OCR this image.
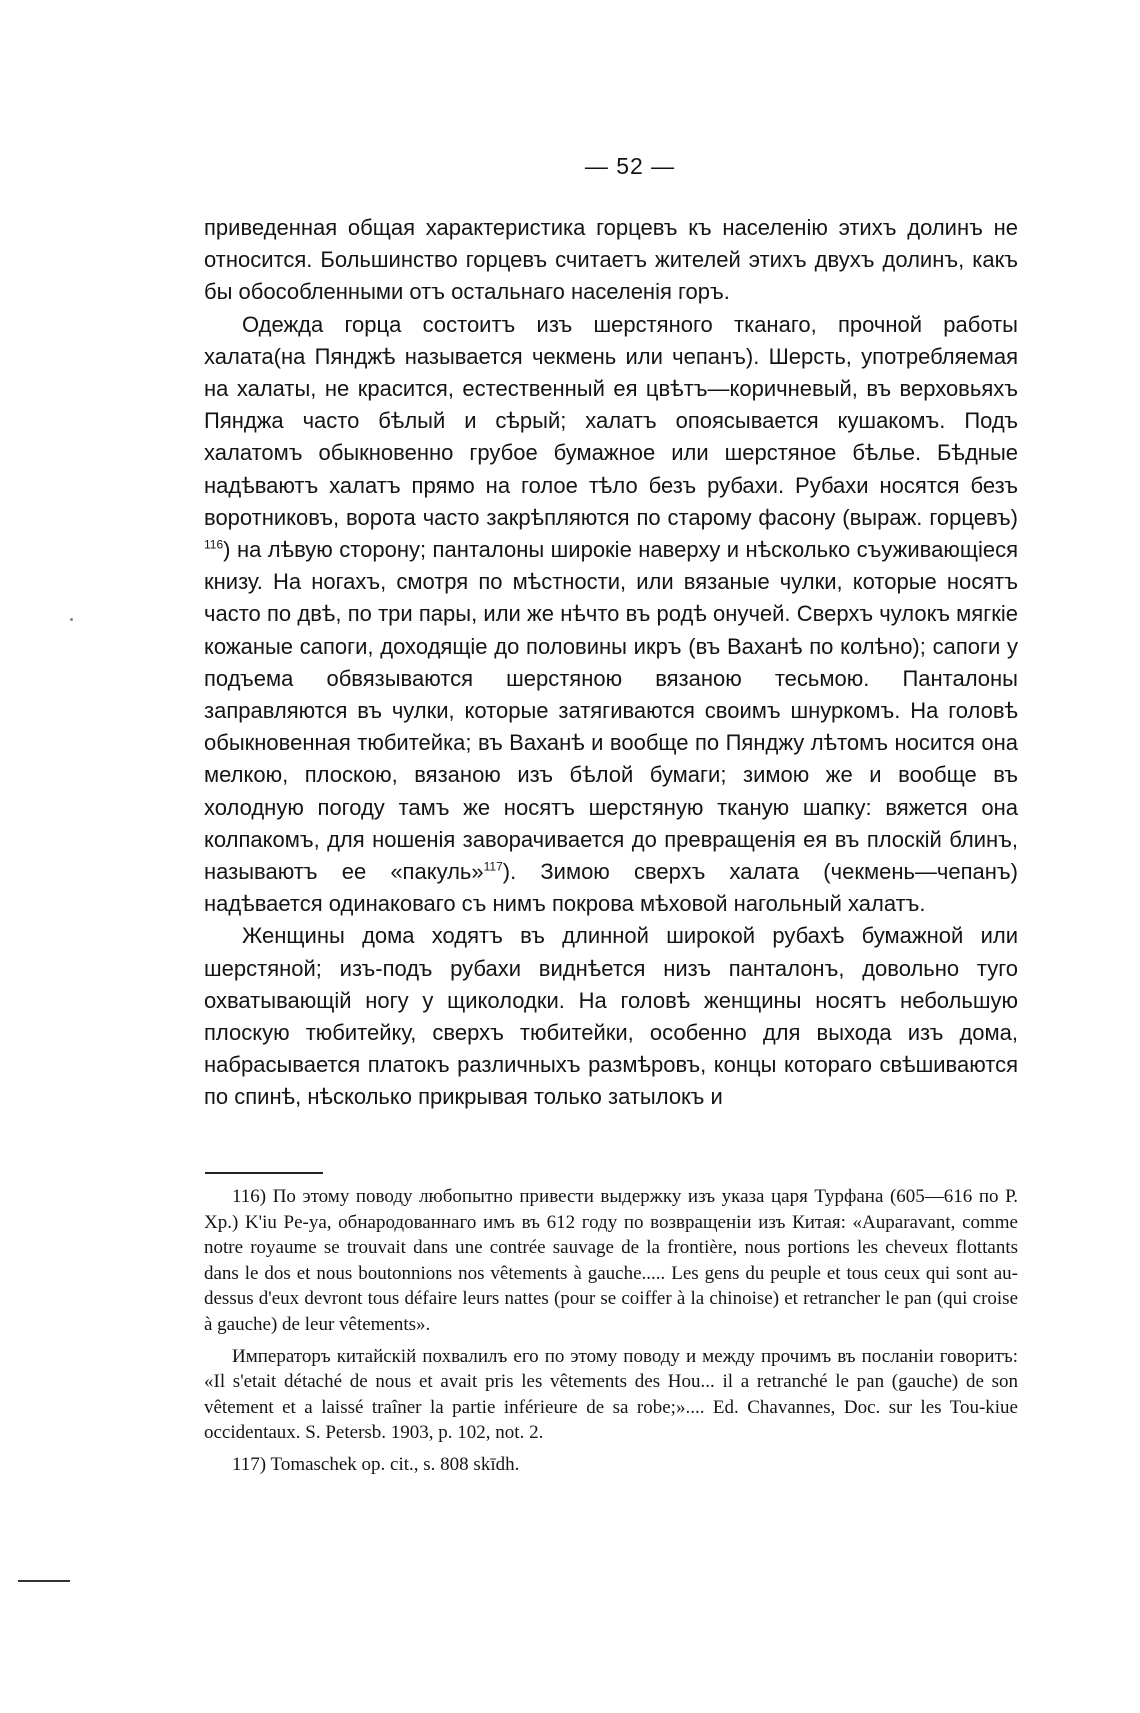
— 52 —

приведенная общая характеристика горцевъ къ населенію этихъ долинъ не относится. Большинство горцевъ считаетъ жителей этихъ двухъ долинъ, какъ бы обособленными отъ остальнаго населенія горъ.

Одежда горца состоитъ изъ шерстяного тканаго, прочной работы халата(на Пянджѣ называется чекмень или чепанъ). Шерсть, употребляемая на халаты, не красится, естественный ея цвѣтъ—коричневый, въ верховьяхъ Пянджа часто бѣлый и сѣрый; халатъ опоясывается кушакомъ. Подъ халатомъ обыкновенно грубое бумажное или шерстяное бѣлье. Бѣдные надѣваютъ халатъ прямо на голое тѣло безъ рубахи. Рубахи носятся безъ воротниковъ, ворота часто закрѣпляются по старому фасону (выраж. горцевъ) $^{116}$) на лѣвую сторону; панталоны широкіе наверху и нѣсколько съуживающіеся книзу. На ногахъ, смотря по мѣстности, или вязаные чулки, которые носятъ часто по двѣ, по три пары, или же нѣчто въ родѣ онучей. Сверхъ чулокъ мягкіе кожаные сапоги, доходящіе до половины икръ (въ Ваханѣ по колѣно); сапоги у подъема обвязываются шерстяною вязаною тесьмою. Панталоны заправляются въ чулки, которые затягиваются своимъ шнуркомъ. На головѣ обыкновенная тюбитейка; въ Ваханѣ и вообще по Пянджу лѣтомъ носится она мелкою, плоскою, вязаною изъ бѣлой бумаги; зимою же и вообще въ холодную погоду тамъ же носятъ шерстяную тканую шапку: вяжется она колпакомъ, для ношенія заворачивается до превращенія ея въ плоскій блинъ, называютъ ее «пакуль»$^{117}$). Зимою сверхъ халата (чекмень—чепанъ) надѣвается одинаковаго съ нимъ покрова мѣховой нагольный халатъ.

Женщины дома ходятъ въ длинной широкой рубахѣ бумажной или шерстяной; изъ-подъ рубахи виднѣется низъ панталонъ, довольно туго охватывающій ногу у щиколодки. На головѣ женщины носятъ небольшую плоскую тюбитейку, сверхъ тюбитейки, особенно для выхода изъ дома, набрасывается платокъ различныхъ размѣровъ, концы котораго свѣшиваются по спинѣ, нѣсколько прикрывая только затылокъ и

116) По этому поводу любопытно привести выдержку изъ указа царя Турфана (605—616 по Р. Хр.) K'iu Pe-ya, обнародованнаго имъ въ 612 году по возвращеніи изъ Китая: «Auparavant, comme notre royaume se trouvait dans une contrée sauvage de la frontière, nous portions les cheveux flottants dans le dos et nous boutonnions nos vêtements à gauche..... Les gens du peuple et tous ceux qui sont au-dessus d'eux devront tous défaire leurs nattes (pour se coiffer à la chinoise) et retrancher le pan (qui croise à gauche) de leur vêtements».

Императоръ китайскій похвалилъ его по этому поводу и между прочимъ въ посланіи говоритъ: «Il s'etait détaché de nous et avait pris les vêtements des Hou... il a retranché le pan (gauche) de son vêtement et a laissé traîner la partie inférieure de sa robe;».... Ed. Chavannes, Doc. sur les Tou-kiue occidentaux. S. Petersb. 1903, p. 102, not. 2.

117) Tomaschek op. cit., s. 808 skīdh.
